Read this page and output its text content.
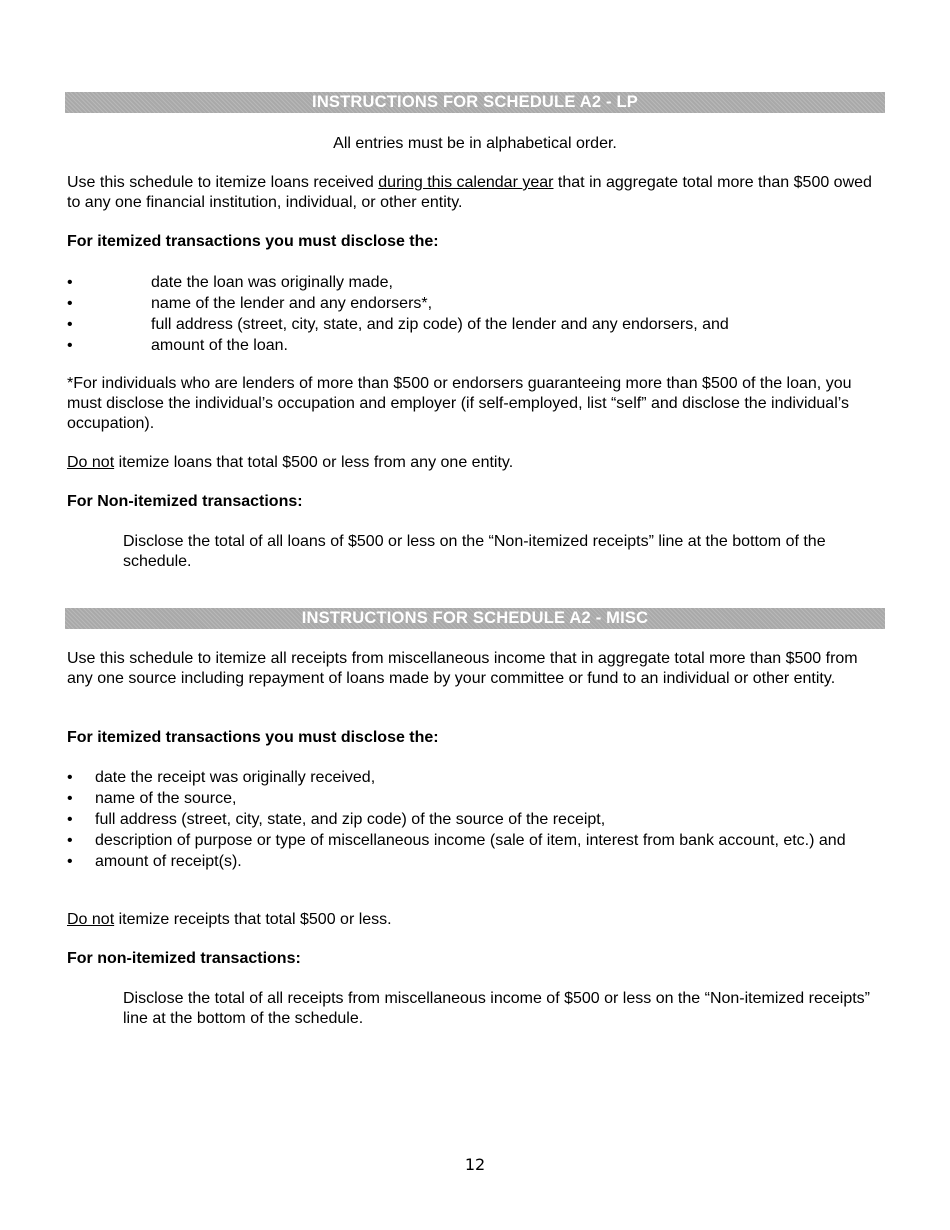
INSTRUCTIONS FOR SCHEDULE A2 - LP

All entries must be in alphabetical order.

Use this schedule to itemize loans received during this calendar year that in aggregate total more than $500 owed to any one financial institution, individual, or other entity.

For itemized transactions you must disclose the:

•	date the loan was originally made,
•	name of the lender and any endorsers*,
•	full address (street, city, state, and zip code) of the lender and any endorsers, and
•	amount of the loan.

*For individuals who are lenders of more than $500 or endorsers guaranteeing more than $500 of the loan, you must disclose the individual’s occupation and employer (if self-employed, list “self” and disclose the individual’s occupation).

Do not itemize loans that total $500 or less from any one entity.

For Non-itemized transactions:

Disclose the total of all loans of $500 or less on the “Non-itemized receipts” line at the bottom of the schedule.

INSTRUCTIONS FOR SCHEDULE A2 - MISC

Use this schedule to itemize all receipts from miscellaneous income that in aggregate total more than $500 from any one source including repayment of loans made by your committee or fund to an individual or other entity.

For itemized transactions you must disclose the:

•	date the receipt was originally received,
•	name of the source,
•	full address (street, city, state, and zip code) of the source of the receipt,
•	description of purpose or type of miscellaneous income (sale of item, interest from bank account, etc.) and
•	amount of receipt(s).

Do not itemize receipts that total $500 or less.

For non-itemized transactions:

Disclose the total of all receipts from miscellaneous income of $500 or less on the “Non-itemized receipts” line at the bottom of the schedule.

12
